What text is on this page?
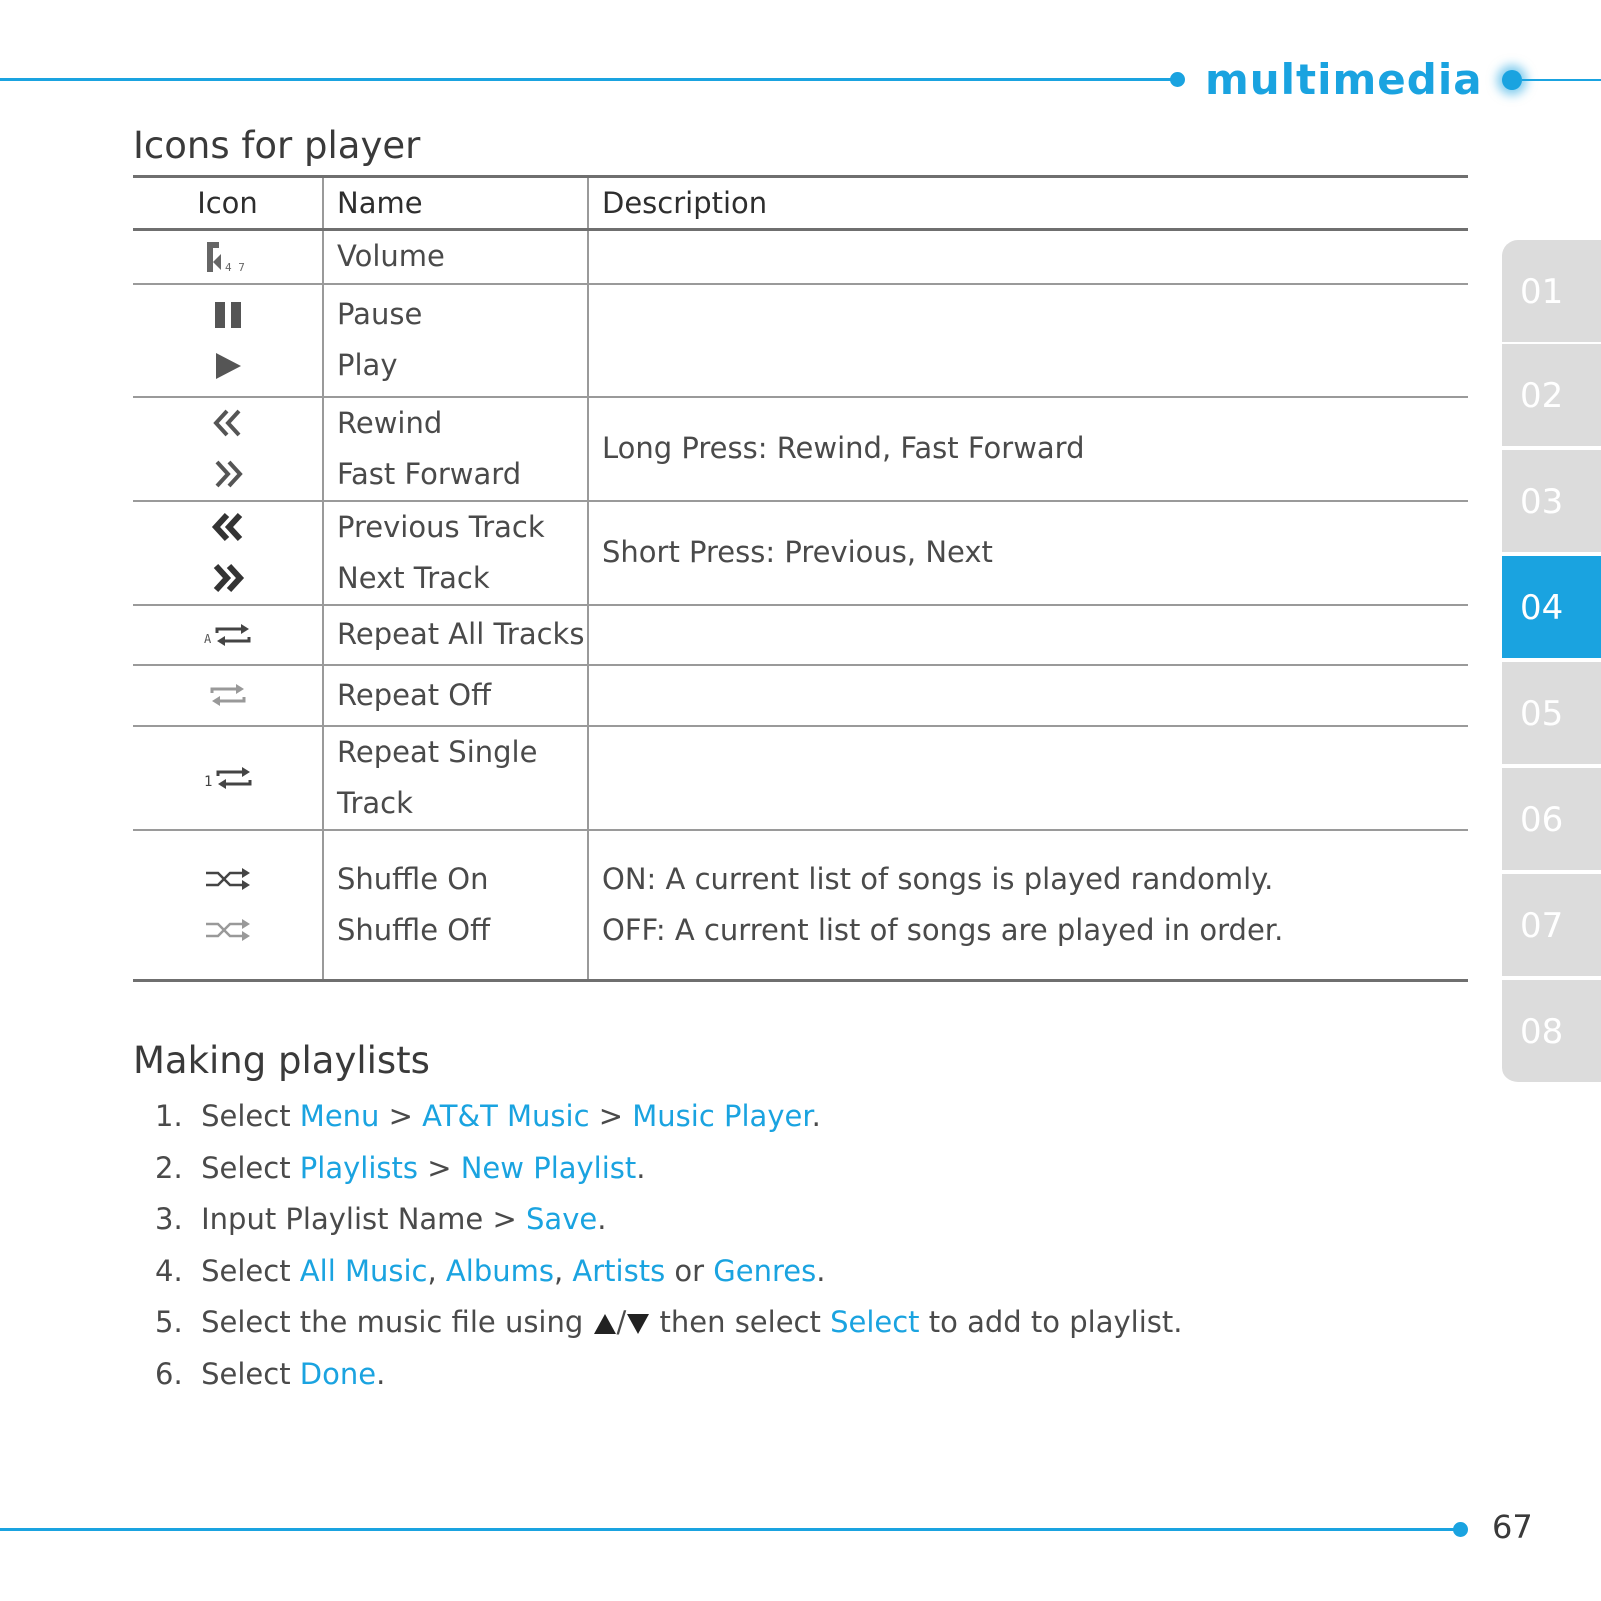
multimedia
Icons for player
Icon	Name	Description

4 7	Volume	

Pause
Play	

Rewind
Fast Forward	Long Press: Rewind, Fast Forward

Previous Track
Next Track	Short Press: Previous, Next

A	Repeat All Tracks	

Repeat Off	

1	Repeat Single
Track	

Shuffle On
Shuffle Off	ON: A current list of songs is played randomly.
OFF: A current list of songs are played in order.
01
02
03
04
05
06
07
08
Making playlists
1. Select Menu > AT&T Music > Music Player.
2. Select Playlists > New Playlist.
3. Input Playlist Name > Save.
4. Select All Music, Albums, Artists or Genres.
5. Select the music file using / then select Select to add to playlist.
6. Select Done.
67
